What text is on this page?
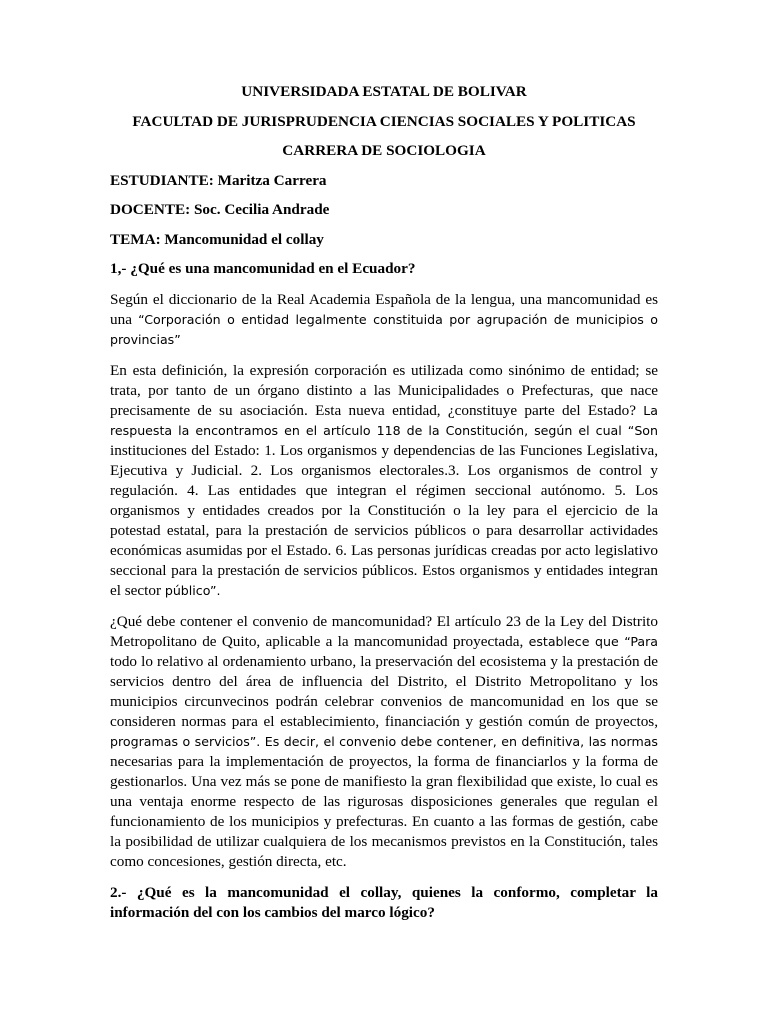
UNIVERSIDADA ESTATAL DE BOLIVAR

FACULTAD DE JURISPRUDENCIA CIENCIAS SOCIALES Y POLITICAS

CARRERA DE SOCIOLOGIA

ESTUDIANTE: Maritza Carrera

DOCENTE: Soc. Cecilia Andrade

TEMA: Mancomunidad el collay

1,- ¿Qué es una mancomunidad en el Ecuador?

Según el diccionario de la Real Academia Española de la lengua, una mancomunidad es una “Corporación o entidad legalmente constituida por agrupación de municipios o provincias”

En esta definición, la expresión corporación es utilizada como sinónimo de entidad; se trata, por tanto de un órgano distinto a las Municipalidades o Prefecturas, que nace precisamente de su asociación. Esta nueva entidad, ¿constituye parte del Estado? La respuesta la encontramos en el artículo 118 de la Constitución, según el cual “Son instituciones del Estado: 1. Los organismos y dependencias de las Funciones Legislativa, Ejecutiva y Judicial. 2. Los organismos electorales.3. Los organismos de control y regulación. 4. Las entidades que integran el régimen seccional autónomo. 5. Los organismos y entidades creados por la Constitución o la ley para el ejercicio de la potestad estatal, para la prestación de servicios públicos o para desarrollar actividades económicas asumidas por el Estado. 6. Las personas jurídicas creadas por acto legislativo seccional para la prestación de servicios públicos. Estos organismos y entidades integran el sector público”.

¿Qué debe contener el convenio de mancomunidad? El artículo 23 de la Ley del Distrito Metropolitano de Quito, aplicable a la mancomunidad proyectada, establece que “Para todo lo relativo al ordenamiento urbano, la preservación del ecosistema y la prestación de servicios dentro del área de influencia del Distrito, el Distrito Metropolitano y los municipios circunvecinos podrán celebrar convenios de mancomunidad en los que se consideren normas para el establecimiento, financiación y gestión común de proyectos, programas o servicios”. Es decir, el convenio debe contener, en definitiva, las normas necesarias para la implementación de proyectos, la forma de financiarlos y la forma de gestionarlos. Una vez más se pone de manifiesto la gran flexibilidad que existe, lo cual es una ventaja enorme respecto de las rigurosas disposiciones generales que regulan el funcionamiento de los municipios y prefecturas. En cuanto a las formas de gestión, cabe la posibilidad de utilizar cualquiera de los mecanismos previstos en la Constitución, tales como concesiones, gestión directa, etc.

2.- ¿Qué es la mancomunidad el collay, quienes la conformo, completar la información del con los cambios del marco lógico?
